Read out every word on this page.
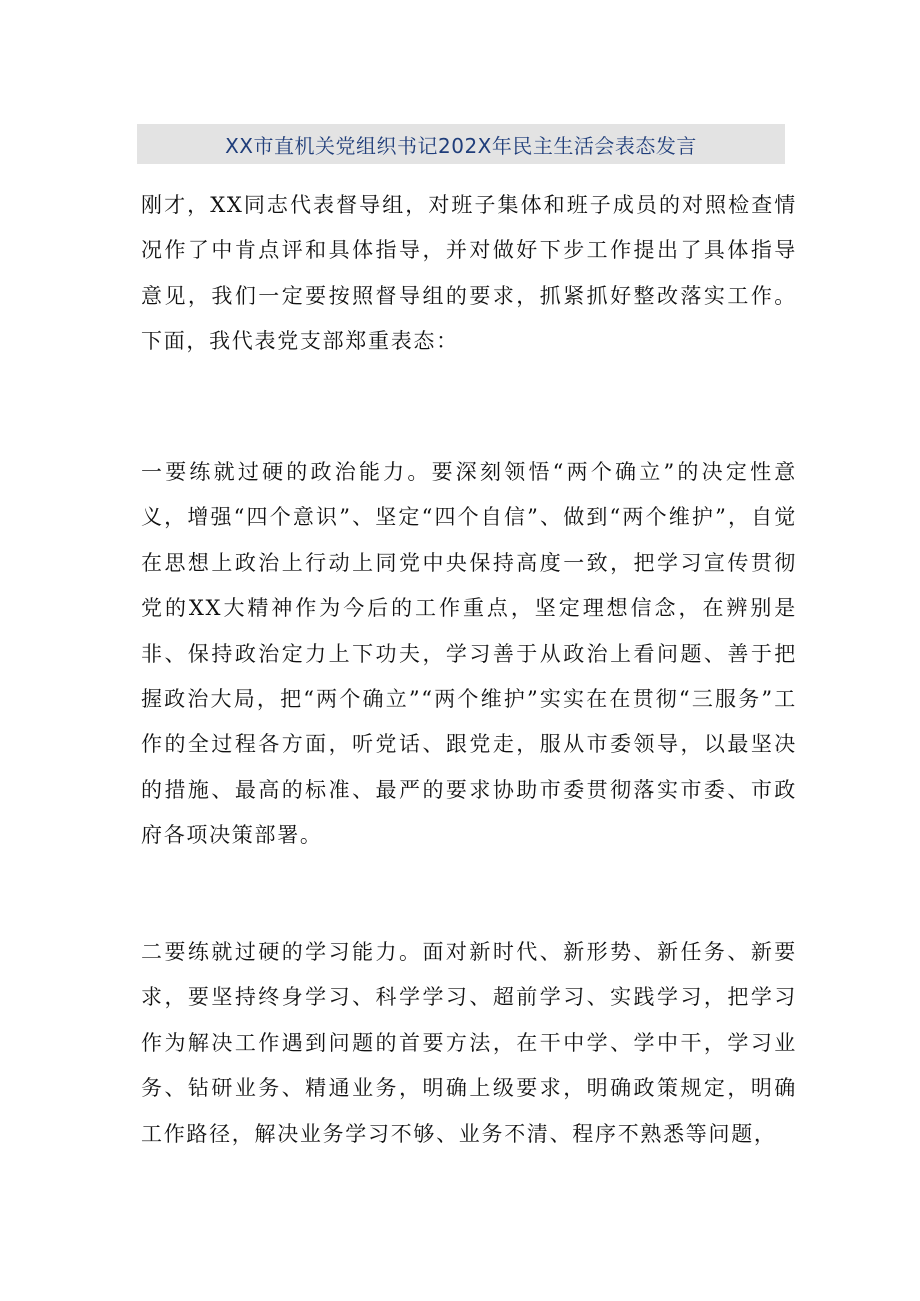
XX市直机关党组织书记202X年民主生活会表态发言

刚才，XX同志代表督导组，对班子集体和班子成员的对照检查情况作了中肯点评和具体指导，并对做好下步工作提出了具体指导意见，我们一定要按照督导组的要求，抓紧抓好整改落实工作。下面，我代表党支部郑重表态：

一要练就过硬的政治能力。要深刻领悟“两个确立”的决定性意义，增强“四个意识”、坚定“四个自信”、做到“两个维护”，自觉在思想上政治上行动上同党中央保持高度一致，把学习宣传贯彻党的XX大精神作为今后的工作重点，坚定理想信念，在辨别是非、保持政治定力上下功夫，学习善于从政治上看问题、善于把握政治大局，把“两个确立”“两个维护”实实在在贯彻“三服务”工作的全过程各方面，听党话、跟党走，服从市委领导，以最坚决的措施、最高的标准、最严的要求协助市委贯彻落实市委、市政府各项决策部署。

二要练就过硬的学习能力。面对新时代、新形势、新任务、新要求，要坚持终身学习、科学学习、超前学习、实践学习，把学习作为解决工作遇到问题的首要方法，在干中学、学中干，学习业务、钻研业务、精通业务，明确上级要求，明确政策规定，明确工作路径，解决业务学习不够、业务不清、程序不熟悉等问题，
